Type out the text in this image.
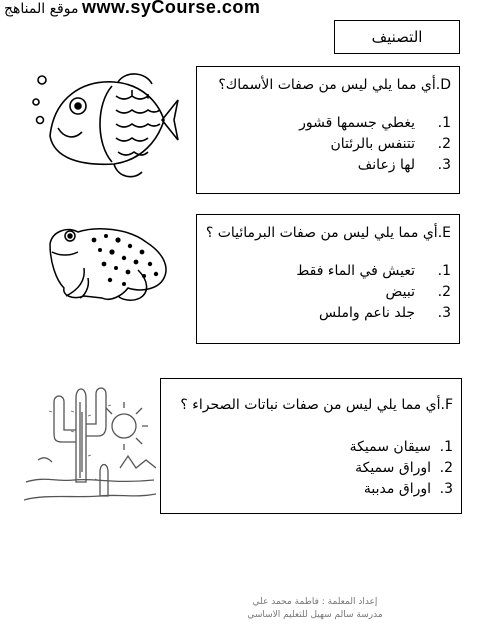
موقع المناهج www.syCourse.com
التصنيف
D.أي مما يلي ليس من صفات الأسماك؟
1.
يغطي جسمها قشور
2.
تتنفس بالرئتان
3.
لها زعانف
E.أي مما يلي ليس من صفات البرمائيات ؟
1.
تعيش في الماء فقط
2.
تبيض
3.
جلد ناعم واملس
F.أي مما يلي ليس من صفات نباتات الصحراء ؟
1.
سيقان سميكة
2.
اوراق سميكة
3.
اوراق مدببة
إعداد المعلمة : فاطمة محمد علي
مدرسة سالم سهيل للتعليم الاساسي
